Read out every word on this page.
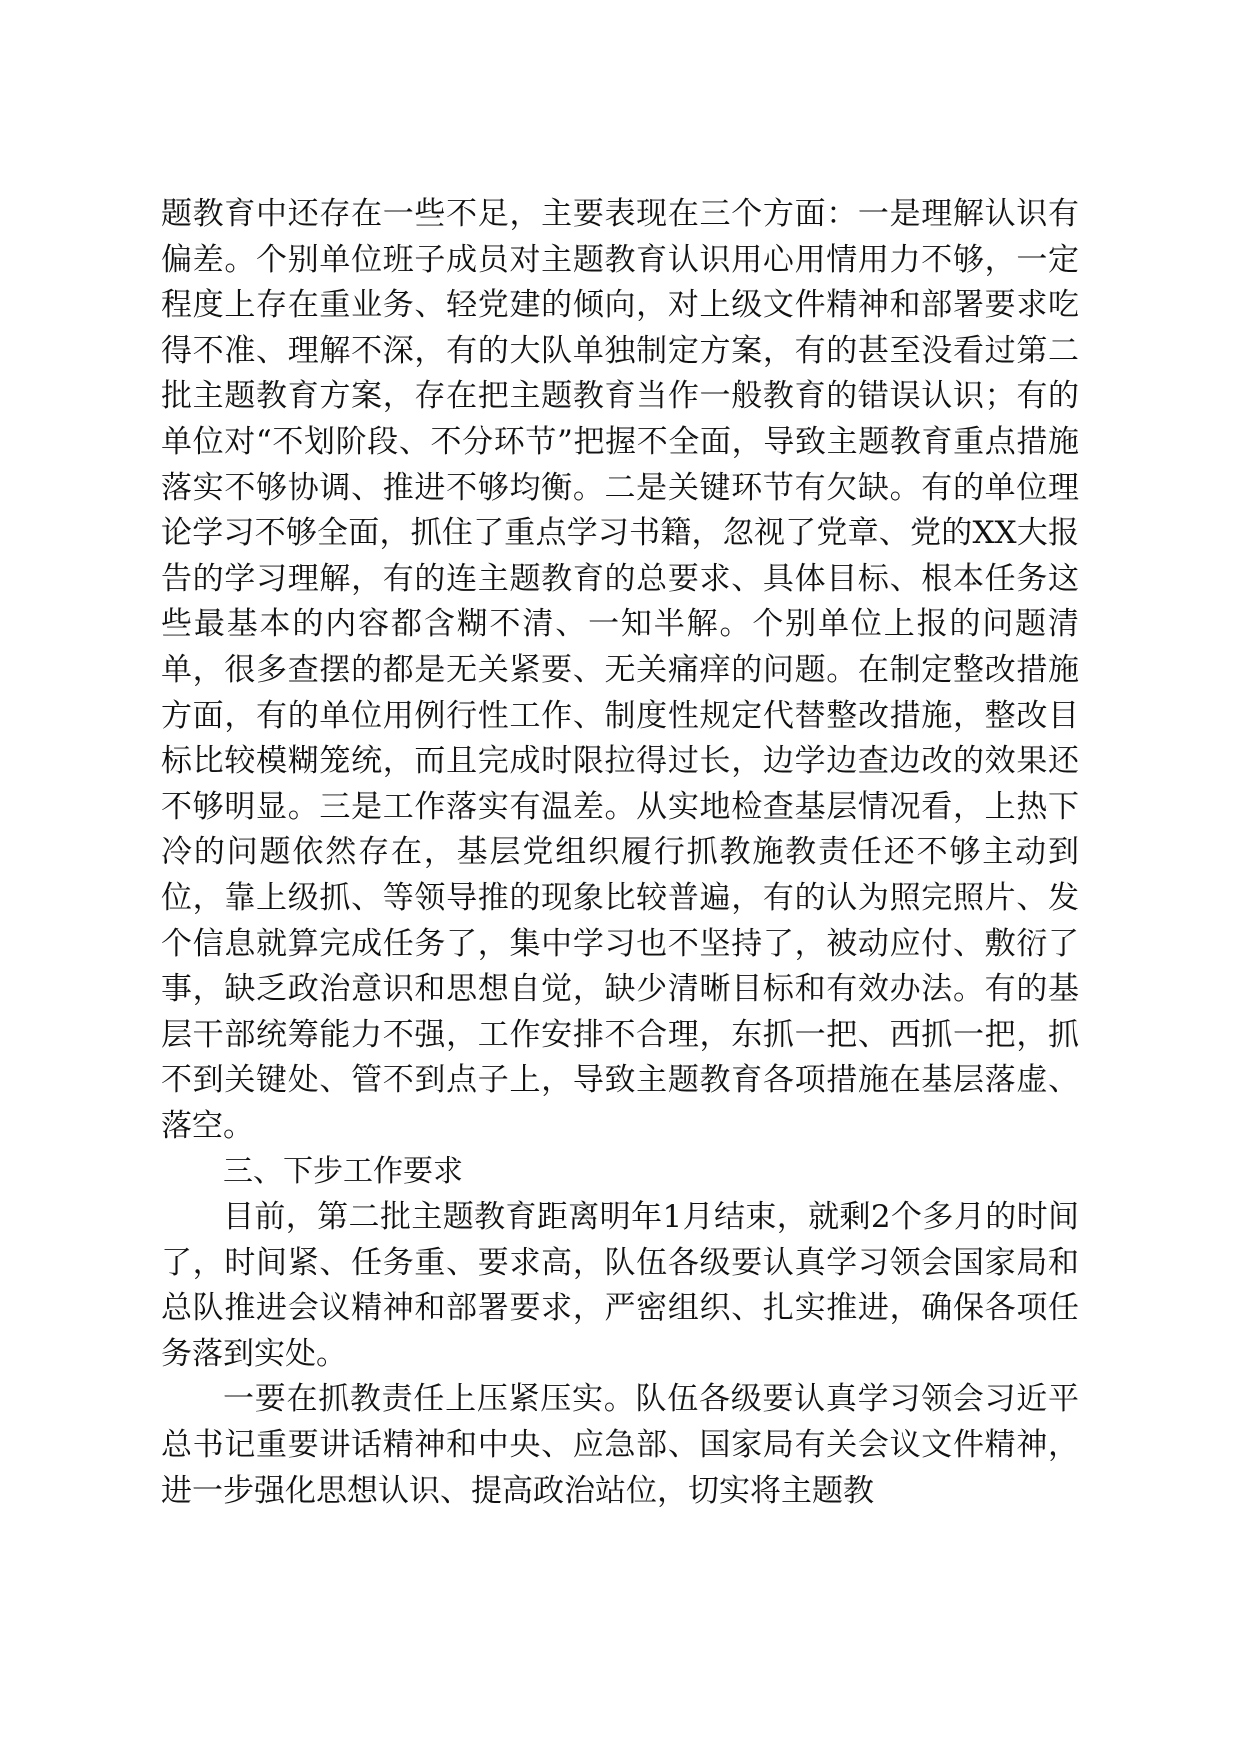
题教育中还存在一些不足，主要表现在三个方面：一是理解认识有偏差。个别单位班子成员对主题教育认识用心用情用力不够，一定程度上存在重业务、轻党建的倾向，对上级文件精神和部署要求吃得不准、理解不深，有的大队单独制定方案，有的甚至没看过第二批主题教育方案，存在把主题教育当作一般教育的错误认识；有的单位对“不划阶段、不分环节”把握不全面，导致主题教育重点措施落实不够协调、推进不够均衡。二是关键环节有欠缺。有的单位理论学习不够全面，抓住了重点学习书籍，忽视了党章、党的XX大报告的学习理解，有的连主题教育的总要求、具体目标、根本任务这些最基本的内容都含糊不清、一知半解。个别单位上报的问题清单，很多查摆的都是无关紧要、无关痛痒的问题。在制定整改措施方面，有的单位用例行性工作、制度性规定代替整改措施，整改目标比较模糊笼统，而且完成时限拉得过长，边学边查边改的效果还不够明显。三是工作落实有温差。从实地检查基层情况看，上热下冷的问题依然存在，基层党组织履行抓教施教责任还不够主动到位，靠上级抓、等领导推的现象比较普遍，有的认为照完照片、发个信息就算完成任务了，集中学习也不坚持了，被动应付、敷衍了事，缺乏政治意识和思想自觉，缺少清晰目标和有效办法。有的基层干部统筹能力不强，工作安排不合理，东抓一把、西抓一把，抓不到关键处、管不到点子上，导致主题教育各项措施在基层落虚、落空。

三、下步工作要求

目前，第二批主题教育距离明年1月结束，就剩2个多月的时间了，时间紧、任务重、要求高，队伍各级要认真学习领会国家局和总队推进会议精神和部署要求，严密组织、扎实推进，确保各项任务落到实处。

一要在抓教责任上压紧压实。队伍各级要认真学习领会习近平总书记重要讲话精神和中央、应急部、国家局有关会议文件精神，进一步强化思想认识、提高政治站位，切实将主题教
